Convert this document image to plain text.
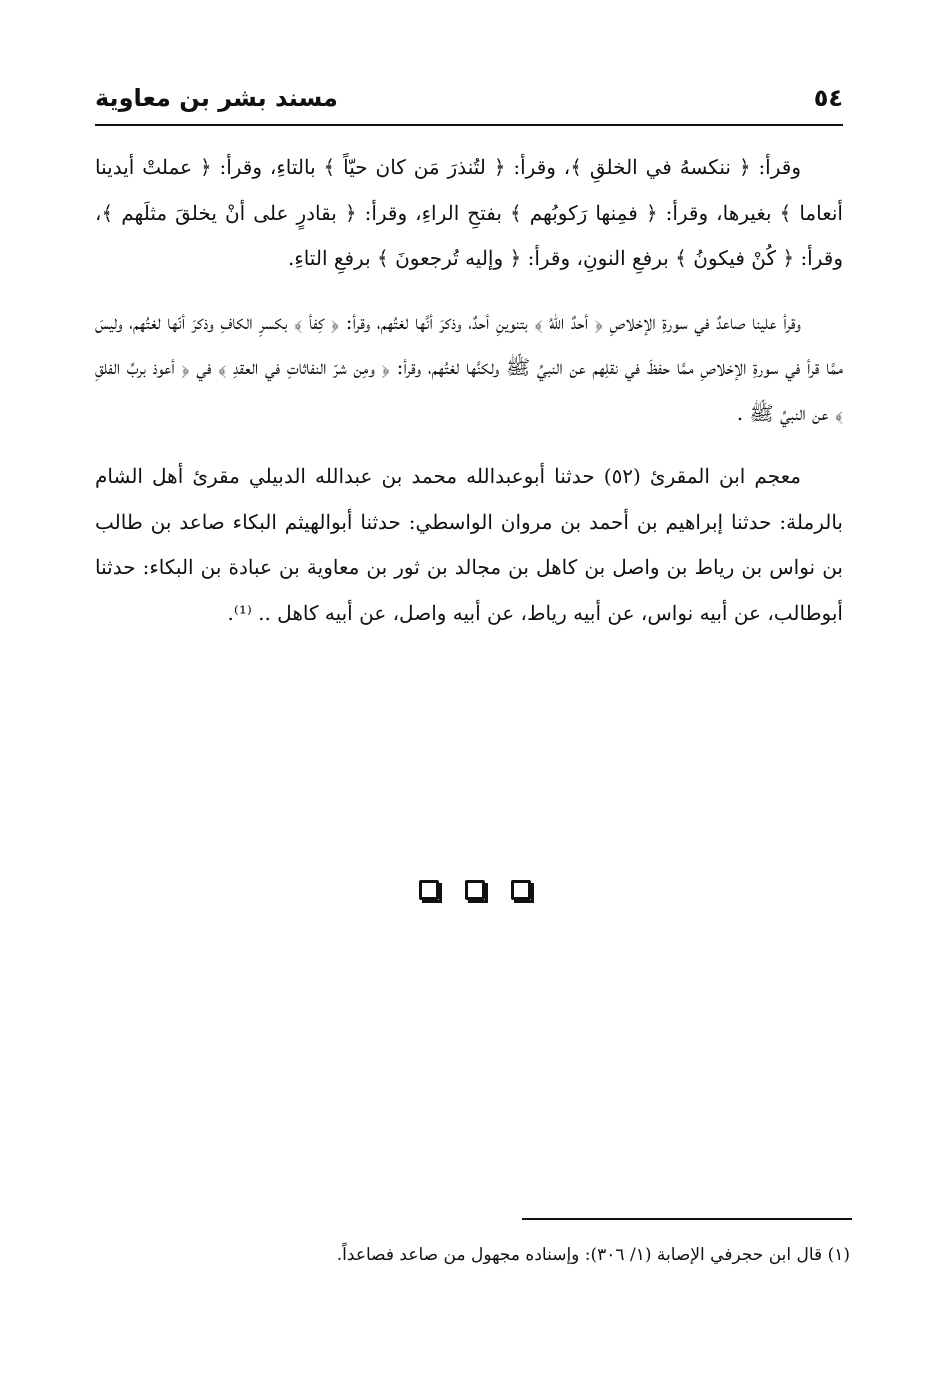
٥٤
مسند بشر بن معاوية

وقرأ: ﴿ ننكسهُ في الخلقِ ﴾، وقرأ: ﴿ لتُنذرَ مَن كان حيّاً ﴾ بالتاءِ، وقرأ: ﴿ عملتْ أيدينا أنعاما ﴾ بغيرها، وقرأ: ﴿ فمِنها رَكوبُهم ﴾ بفتحِ الراءِ، وقرأ: ﴿ بقادرٍ على أنْ يخلقَ مثلَهم ﴾، وقرأ: ﴿ كُنْ فيكونُ ﴾ برفعِ النونِ، وقرأ: ﴿ وإليه تُرجعونَ ﴾ برفعِ التاءِ.

وقرأ علينا صاعدٌ في سورةِ الإخلاصِ ﴿ أحدٌ اللهُ ﴾ بتنوينِ أحدٌ، وذكرَ أنَّها لغتُهم، وقرأ: ﴿ كِفأ ﴾ بكسرِ الكافِ وذكرَ أنّها لغتُهم، وليسَ ممَّا قرأ في سورةِ الإخلاصِ ممَّا حفظَ في نقلِهم عن النبيِّ ﷺ ولكنَّها لغتُهم، وقرأ: ﴿ ومِن شرّ النفاثاتِ في العقدِ ﴾ في ﴿ أعوذ بربِّ الفلقِ ﴾ عن النبيِّ ﷺ .

معجم ابن المقرئ (٥٢) حدثنا أبوعبدالله محمد بن عبدالله الدبيلي مقرئ أهل الشام بالرملة: حدثنا إبراهيم بن أحمد بن مروان الواسطي: حدثنا أبوالهيثم البكاء صاعد بن طالب بن نواس بن رياط بن واصل بن كاهل بن مجالد بن ثور بن معاوية بن عبادة بن البكاء: حدثنا أبوطالب، عن أبيه نواس، عن أبيه رياط، عن أبيه واصل، عن أبيه كاهل .. ⁽¹⁾.

(١) قال ابن حجرفي الإصابة (١/ ٣٠٦): وإسناده مجهول من صاعد فصاعداً.
